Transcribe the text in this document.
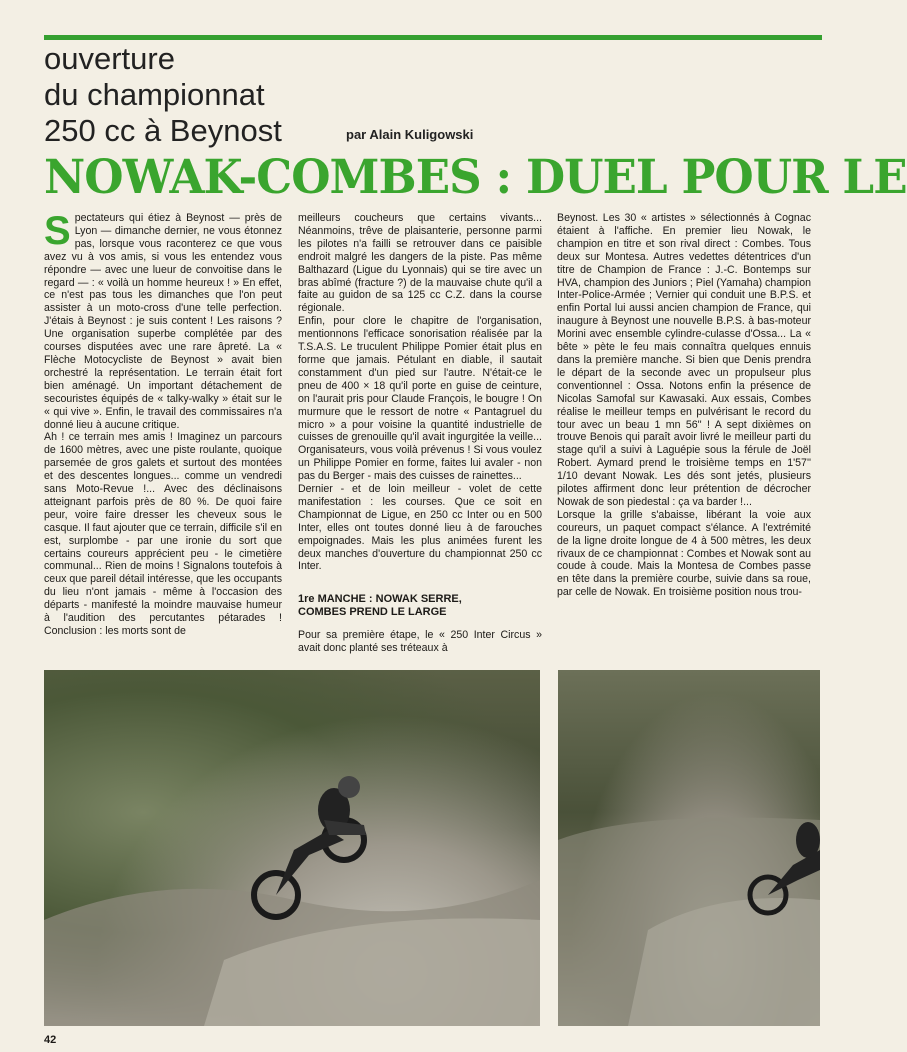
ouverture
du championnat
250 cc à Beynost	par Alain Kuligowski
NOWAK-COMBES : DUEL POUR LE

Spectateurs qui étiez à Beynost — près de Lyon — dimanche dernier, ne vous étonnez pas, lorsque vous raconterez ce que vous avez vu à vos amis, si vous les entendez vous répondre — avec une lueur de convoitise dans le regard — : « voilà un homme heureux ! » En effet, ce n'est pas tous les dimanches que l'on peut assister à un moto-cross d'une telle perfection. J'étais à Beynost : je suis content ! Les raisons ? Une organisation superbe complétée par des courses disputées avec une rare âpreté. La « Flèche Motocycliste de Beynost » avait bien orchestré la représentation. Le terrain était fort bien aménagé. Un important détachement de secouristes équipés de « talky-walky » était sur le « qui vive ». Enfin, le travail des commissaires n'a donné lieu à aucune critique.

Ah ! ce terrain mes amis ! Imaginez un parcours de 1600 mètres, avec une piste roulante, quoique parsemée de gros galets et surtout des montées et des descentes longues... comme un vendredi sans Moto-Revue !... Avec des déclinaisons atteignant parfois près de 80 %. De quoi faire peur, voire faire dresser les cheveux sous le casque. Il faut ajouter que ce terrain, difficile s'il en est, surplombe - par une ironie du sort que certains coureurs apprécient peu - le cimetière communal... Rien de moins ! Signalons toutefois à ceux que pareil détail intéresse, que les occupants du lieu n'ont jamais - même à l'occasion des départs - manifesté la moindre mauvaise humeur à l'audition des percutantes pétarades ! Conclusion : les morts sont de

meilleurs coucheurs que certains vivants... Néanmoins, trêve de plaisanterie, personne parmi les pilotes n'a failli se retrouver dans ce paisible endroit malgré les dangers de la piste. Pas même Balthazard (Ligue du Lyonnais) qui se tire avec un bras abîmé (fracture ?) de la mauvaise chute qu'il a faite au guidon de sa 125 cc C.Z. dans la course régionale.

Enfin, pour clore le chapitre de l'organisation, mentionnons l'efficace sonorisation réalisée par la T.S.A.S. Le truculent Philippe Pomier était plus en forme que jamais. Pétulant en diable, il sautait constamment d'un pied sur l'autre. N'était-ce le pneu de 400 × 18 qu'il porte en guise de ceinture, on l'aurait pris pour Claude François, le bougre ! On murmure que le ressort de notre « Pantagruel du micro » a pour voisine la quantité industrielle de cuisses de grenouille qu'il avait ingurgitée la veille... Organisateurs, vous voilà prévenus ! Si vous voulez un Philippe Pomier en forme, faites lui avaler - non pas du Berger - mais des cuisses de rainettes...

Dernier - et de loin meilleur - volet de cette manifestation : les courses. Que ce soit en Championnat de Ligue, en 250 cc Inter ou en 500 Inter, elles ont toutes donné lieu à de farouches empoignades. Mais les plus animées furent les deux manches d'ouverture du championnat 250 cc Inter.

1re MANCHE : NOWAK SERRE,
COMBES PREND LE LARGE

Pour sa première étape, le « 250 Inter Circus » avait donc planté ses tréteaux à

Beynost. Les 30 « artistes » sélectionnés à Cognac étaient à l'affiche. En premier lieu Nowak, le champion en titre et son rival direct : Combes. Tous deux sur Montesa. Autres vedettes détentrices d'un titre de Champion de France : J.-C. Bontemps sur HVA, champion des Juniors ; Piel (Yamaha) champion Inter-Police-Armée ; Vernier qui conduit une B.P.S. et enfin Portal lui aussi ancien champion de France, qui inaugure à Beynost une nouvelle B.P.S. à bas-moteur Morini avec ensemble cylindre-culasse d'Ossa... La « bête » pète le feu mais connaîtra quelques ennuis dans la première manche. Si bien que Denis prendra le départ de la seconde avec un propulseur plus conventionnel : Ossa. Notons enfin la présence de Nicolas Samofal sur Kawasaki. Aux essais, Combes réalise le meilleur temps en pulvérisant le record du tour avec un beau 1 mn 56'' ! A sept dixièmes on trouve Benois qui paraît avoir livré le meilleur parti du stage qu'il a suivi à Laguépie sous la férule de Joël Robert. Aymard prend le troisième temps en 1'57'' 1/10 devant Nowak. Les dés sont jetés, plusieurs pilotes affirment donc leur prétention de décrocher Nowak de son piedestal : ça va barder !...

Lorsque la grille s'abaisse, libérant la voie aux coureurs, un paquet compact s'élance. A l'extrémité de la ligne droite longue de 4 à 500 mètres, les deux rivaux de ce championnat : Combes et Nowak sont au coude à coude. Mais la Montesa de Combes passe en tête dans la première courbe, suivie dans sa roue, par celle de Nowak. En troisième position nous trou-

42
